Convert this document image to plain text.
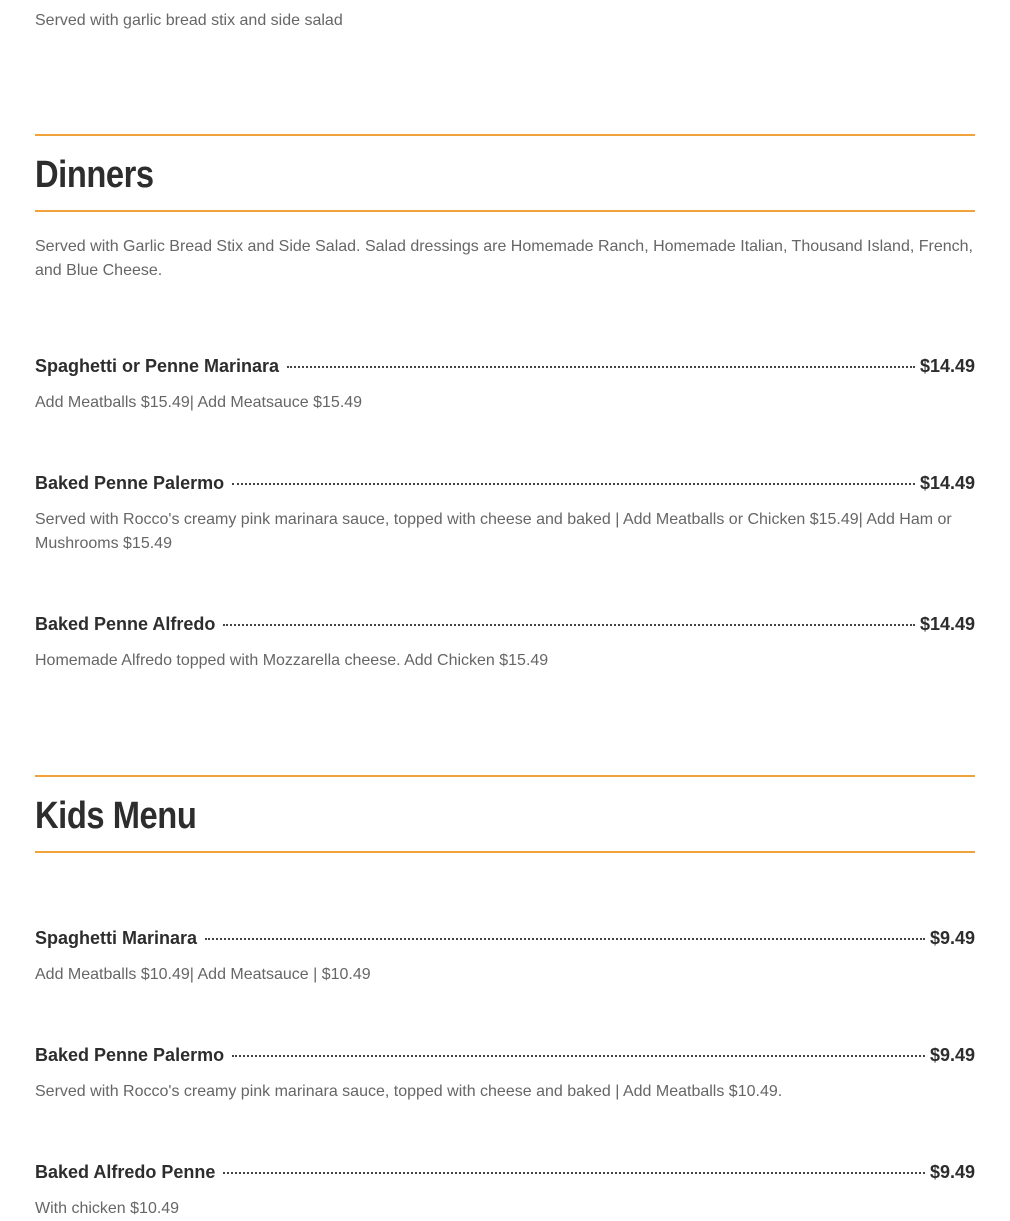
Served with garlic bread stix and side salad
Dinners
Served with Garlic Bread Stix and Side Salad. Salad dressings are Homemade Ranch, Homemade Italian, Thousand Island, French, and Blue Cheese.
Spaghetti or Penne Marinara	$14.49
Add Meatballs $15.49| Add Meatsauce $15.49
Baked Penne Palermo	$14.49
Served with Rocco's creamy pink marinara sauce, topped with cheese and baked | Add Meatballs or Chicken $15.49| Add Ham or Mushrooms $15.49
Baked Penne Alfredo	$14.49
Homemade Alfredo topped with Mozzarella cheese. Add Chicken $15.49
Kids Menu
Spaghetti Marinara	$9.49
Add Meatballs $10.49| Add Meatsauce | $10.49
Baked Penne Palermo	$9.49
Served with Rocco's creamy pink marinara sauce, topped with cheese and baked | Add Meatballs $10.49.
Baked Alfredo Penne	$9.49
With chicken $10.49
